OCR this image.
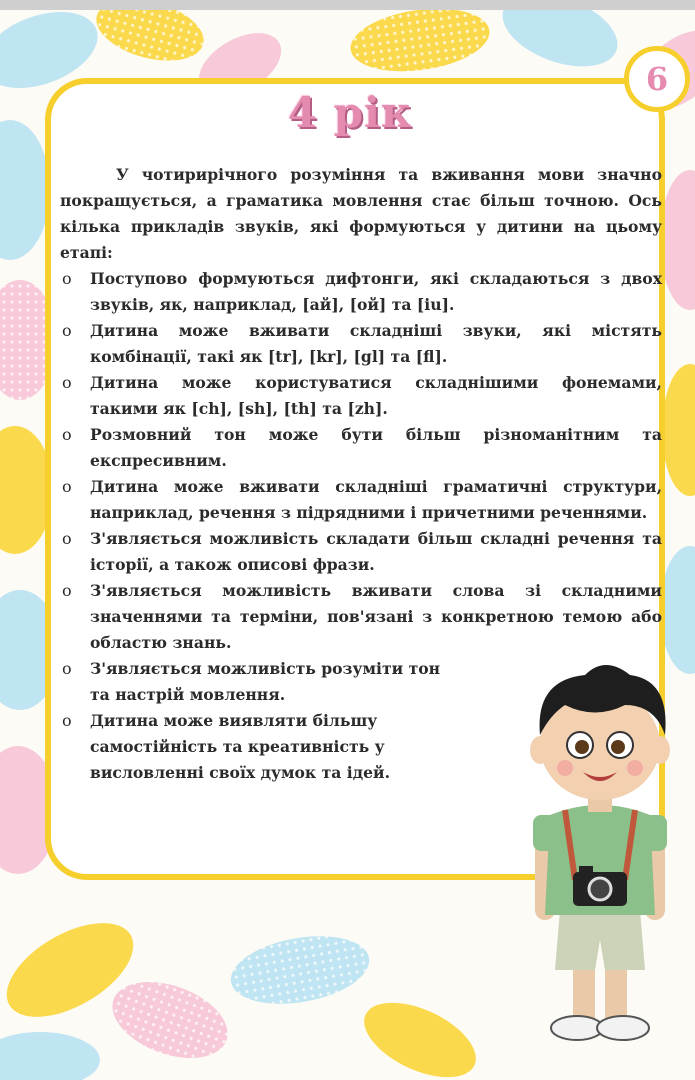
6
4 рік

У чотирирічного розуміння та вживання мови значно покращується, а граматика мовлення стає більш точною. Ось кілька прикладів звуків, які формуються у дитини на цьому етапі:

o Поступово формуються дифтонги, які складаються з двох звуків, як, наприклад, [ай], [ой] та [iu].
o Дитина може вживати складніші звуки, які містять комбінації, такі як [tr], [kr], [gl] та [fl].
o Дитина може користуватися складнішими фонемами, такими як [ch], [sh], [th] та [zh].
o Розмовний тон може бути більш різноманітним та експресивним.
o Дитина може вживати складніші граматичні структури, наприклад, речення з підрядними і причетними реченнями.
o З'являється можливість складати більш складні речення та історії, а також описові фрази.
o З'являється можливість вживати слова зі складними значеннями та терміни, пов'язані з конкретною темою або областю знань.
o З'являється можливість розуміти тон та настрій мовлення.
o Дитина може виявляти більшу самостійність та креативність у висловленні своїх думок та ідей.
